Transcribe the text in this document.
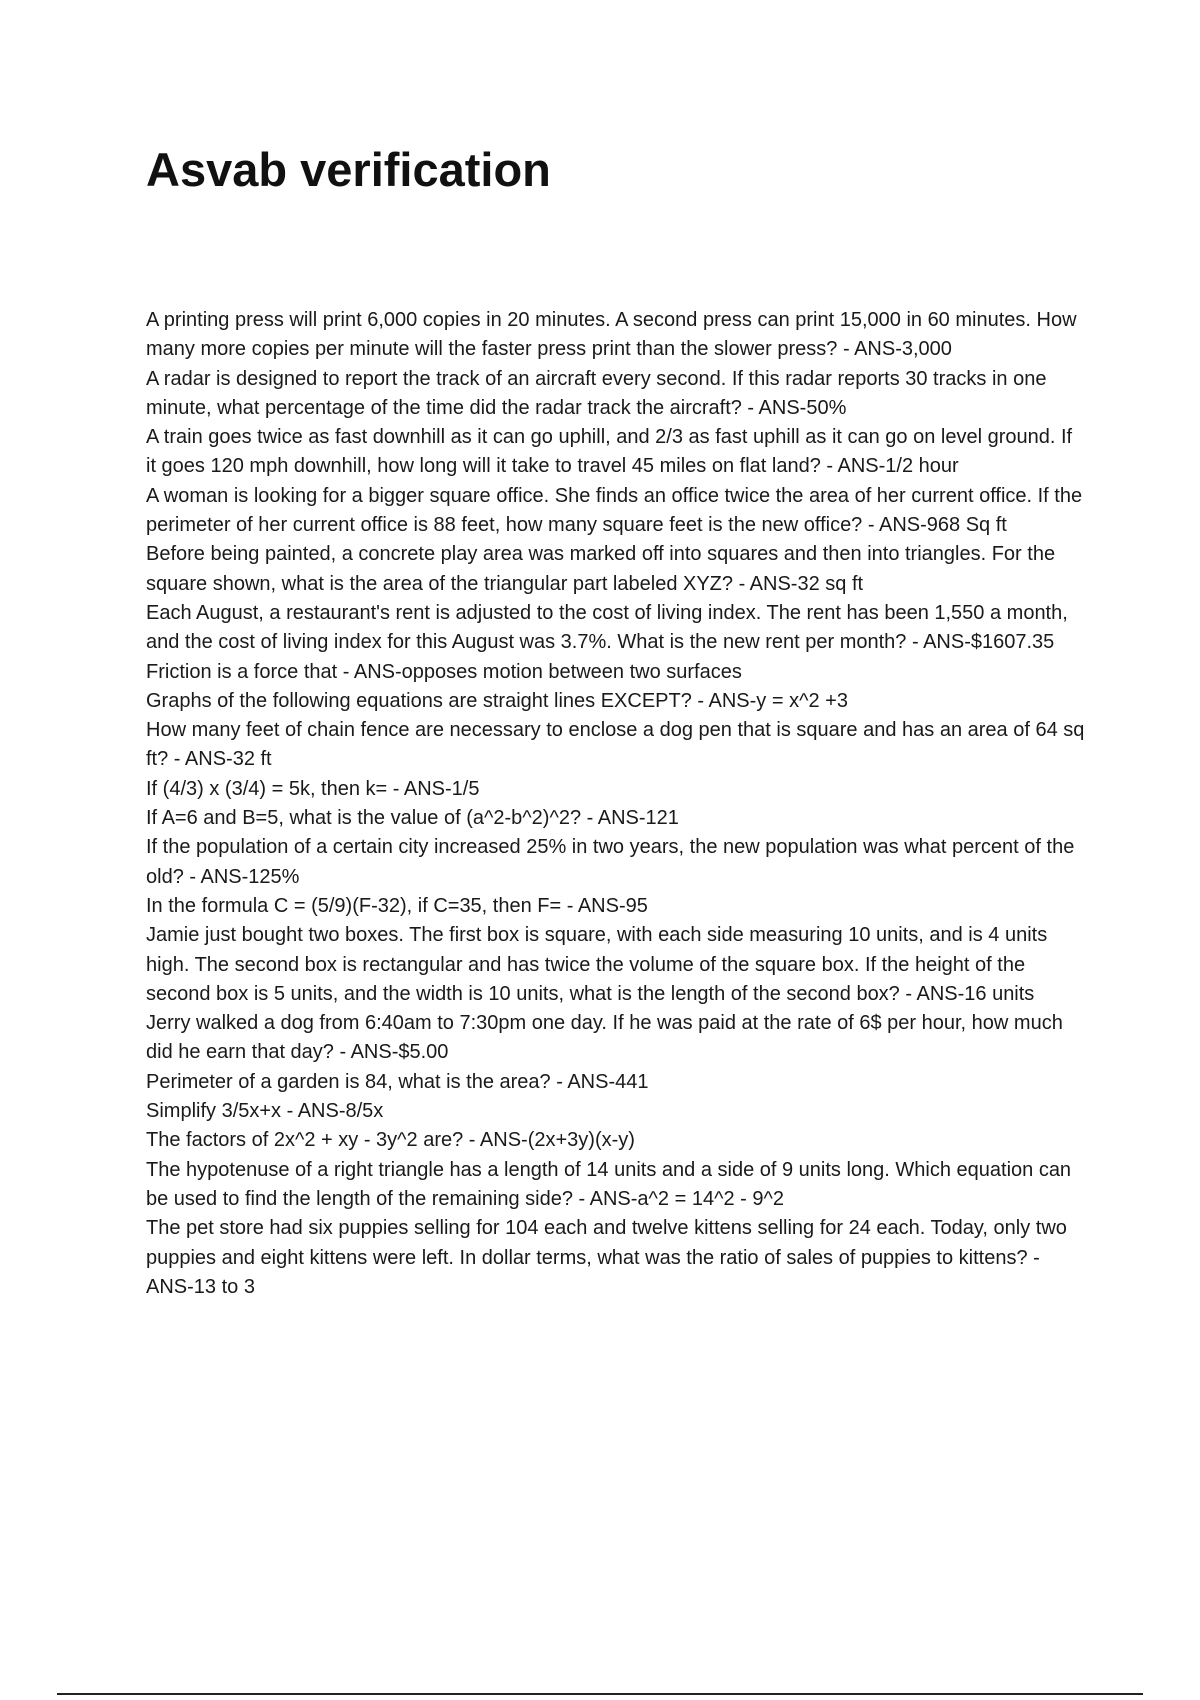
Asvab verification
A printing press will print 6,000 copies in 20 minutes. A second press can print 15,000 in 60 minutes. How many more copies per minute will the faster press print than the slower press? - ANS-3,000
A radar is designed to report the track of an aircraft every second. If this radar reports 30 tracks in one minute, what percentage of the time did the radar track the aircraft? - ANS-50%
A train goes twice as fast downhill as it can go uphill, and 2/3 as fast uphill as it can go on level ground. If it goes 120 mph downhill, how long will it take to travel 45 miles on flat land? - ANS-1/2 hour
A woman is looking for a bigger square office. She finds an office twice the area of her current office. If the perimeter of her current office is 88 feet, how many square feet is the new office? - ANS-968 Sq ft
Before being painted, a concrete play area was marked off into squares and then into triangles. For the square shown, what is the area of the triangular part labeled XYZ? - ANS-32 sq ft
Each August, a restaurant's rent is adjusted to the cost of living index. The rent has been 1,550 a month, and the cost of living index for this August was 3.7%. What is the new rent per month? - ANS-$1607.35
Friction is a force that - ANS-opposes motion between two surfaces
Graphs of the following equations are straight lines EXCEPT? - ANS-y = x^2 +3
How many feet of chain fence are necessary to enclose a dog pen that is square and has an area of 64 sq ft? - ANS-32 ft
If (4/3) x (3/4) = 5k, then k= - ANS-1/5
If A=6 and B=5, what is the value of (a^2-b^2)^2? - ANS-121
If the population of a certain city increased 25% in two years, the new population was what percent of the old? - ANS-125%
In the formula C = (5/9)(F-32), if C=35, then F= - ANS-95
Jamie just bought two boxes. The first box is square, with each side measuring 10 units, and is 4 units high. The second box is rectangular and has twice the volume of the square box. If the height of the second box is 5 units, and the width is 10 units, what is the length of the second box? - ANS-16 units
Jerry walked a dog from 6:40am to 7:30pm one day. If he was paid at the rate of 6$ per hour, how much did he earn that day? - ANS-$5.00
Perimeter of a garden is 84, what is the area? - ANS-441
Simplify 3/5x+x - ANS-8/5x
The factors of 2x^2 + xy - 3y^2 are? - ANS-(2x+3y)(x-y)
The hypotenuse of a right triangle has a length of 14 units and a side of 9 units long. Which equation can be used to find the length of the remaining side? - ANS-a^2 = 14^2 - 9^2
The pet store had six puppies selling for 104 each and twelve kittens selling for 24 each. Today, only two puppies and eight kittens were left. In dollar terms, what was the ratio of sales of puppies to kittens? - ANS-13 to 3
